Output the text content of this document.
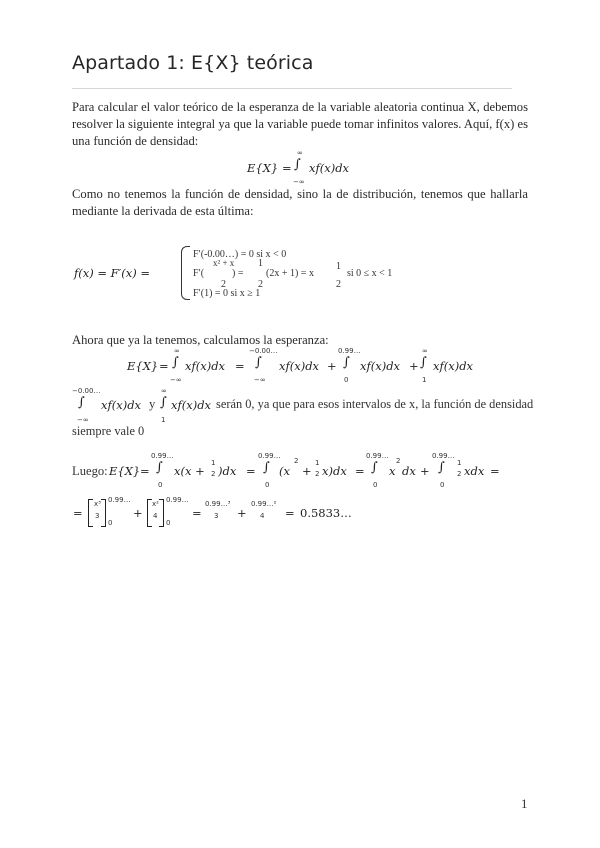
Apartado 1: E{X} teórica
Para calcular el valor teórico de la esperanza de la variable aleatoria continua X, debemos resolver la siguiente integral ya que la variable puede tomar infinitos valores. Aquí, f(x) es una función de densidad:
E{X} =
∞
∫
−∞
xf(x)dx
Como no tenemos la función de densidad, sino la de distribución, tenemos que hallarla mediante la derivada de esta última:
f(x) = F′(x) =
F′(-0.00…) = 0 si x < 0
F′(
x² + x
2
) =
1
2
(2x + 1) = x
1
2
si 0 ≤ x < 1
F′(1) = 0 si x ≥ 1
Ahora que ya la tenemos, calculamos la esperanza:
E{X} =
∞
∫
−∞
xf(x)dx =
−0.00…
∫
−∞
xf(x)dx +
0.99…
∫
0
xf(x)dx +
∞
∫
1
xf(x)dx
−0.00…
∫
−∞
xf(x)dx y
∞
∫
1
xf(x)dx serán 0, ya que para esos intervalos de x, la función de densidad
siempre vale 0
Luego: E{X} =
0.99…
∫
0
x(x +
1
2 )dx =
0.99…
∫
0
(x
2
+
1
2 x)dx =
0.99…
∫
0
x
2
dx +
0.99…
∫
0
1
2 xdx =
=
x³
3
0.99…
0
+
x²
4
0.99…
0
=
0.99…³
3 +
0.99…²
4 = 0.5833…
1
